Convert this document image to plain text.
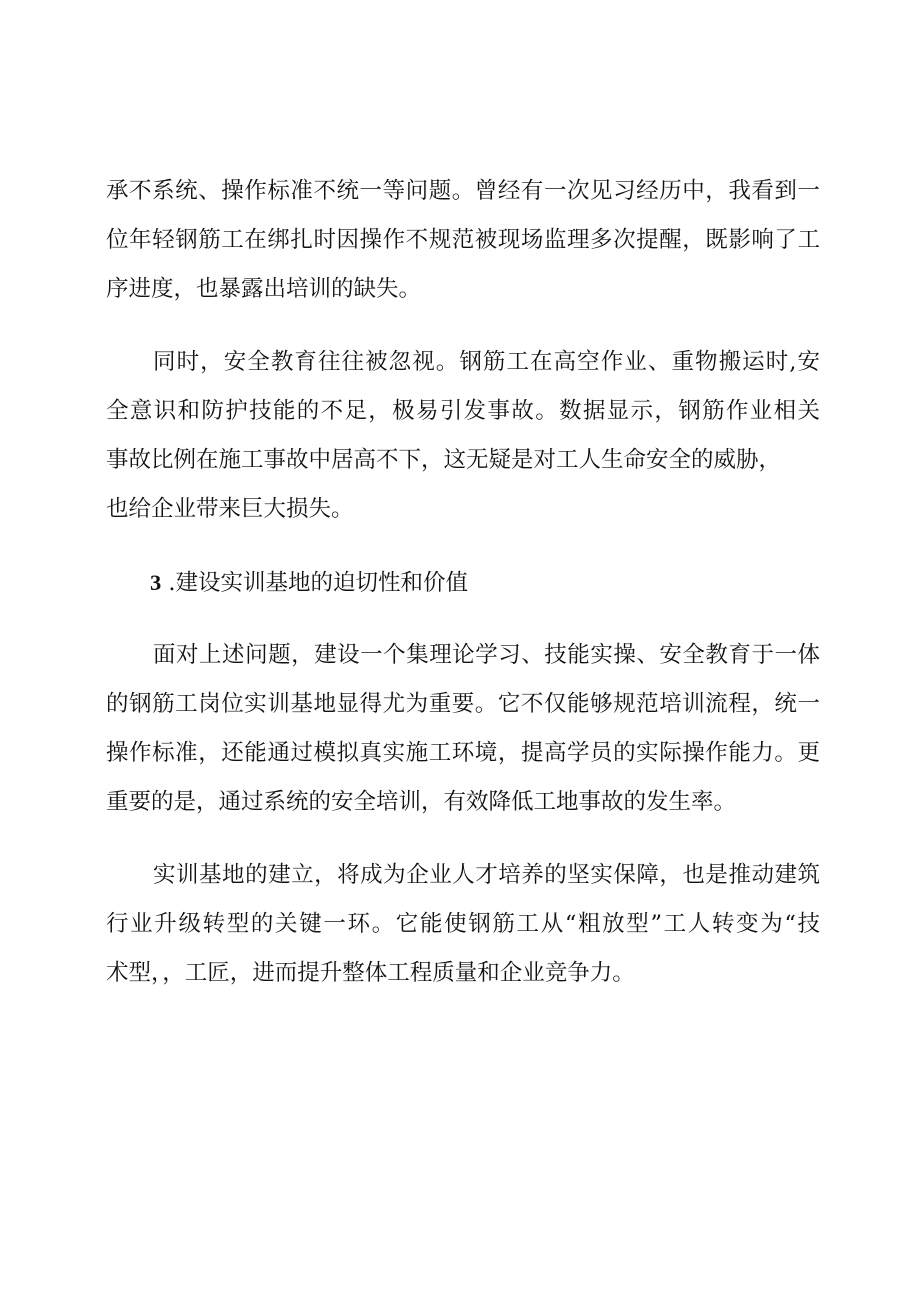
承不系统、操作标准不统一等问题。曾经有一次见习经历中，我看到一
位年轻钢筋工在绑扎时因操作不规范被现场监理多次提醒，既影响了工
序进度，也暴露出培训的缺失。
同时，安全教育往往被忽视。钢筋工在高空作业、重物搬运时,安
全意识和防护技能的不足，极易引发事故。数据显示，钢筋作业相关
事故比例在施工事故中居高不下，这无疑是对工人生命安全的威胁，
也给企业带来巨大损失。
3 .建设实训基地的迫切性和价值
面对上述问题，建设一个集理论学习、技能实操、安全教育于一体
的钢筋工岗位实训基地显得尤为重要。它不仅能够规范培训流程，统一
操作标准，还能通过模拟真实施工环境，提高学员的实际操作能力。更
重要的是，通过系统的安全培训，有效降低工地事故的发生率。
实训基地的建立，将成为企业人才培养的坚实保障，也是推动建筑
行业升级转型的关键一环。它能使钢筋工从“粗放型”工人转变为“技
术型，，工匠，进而提升整体工程质量和企业竞争力。
